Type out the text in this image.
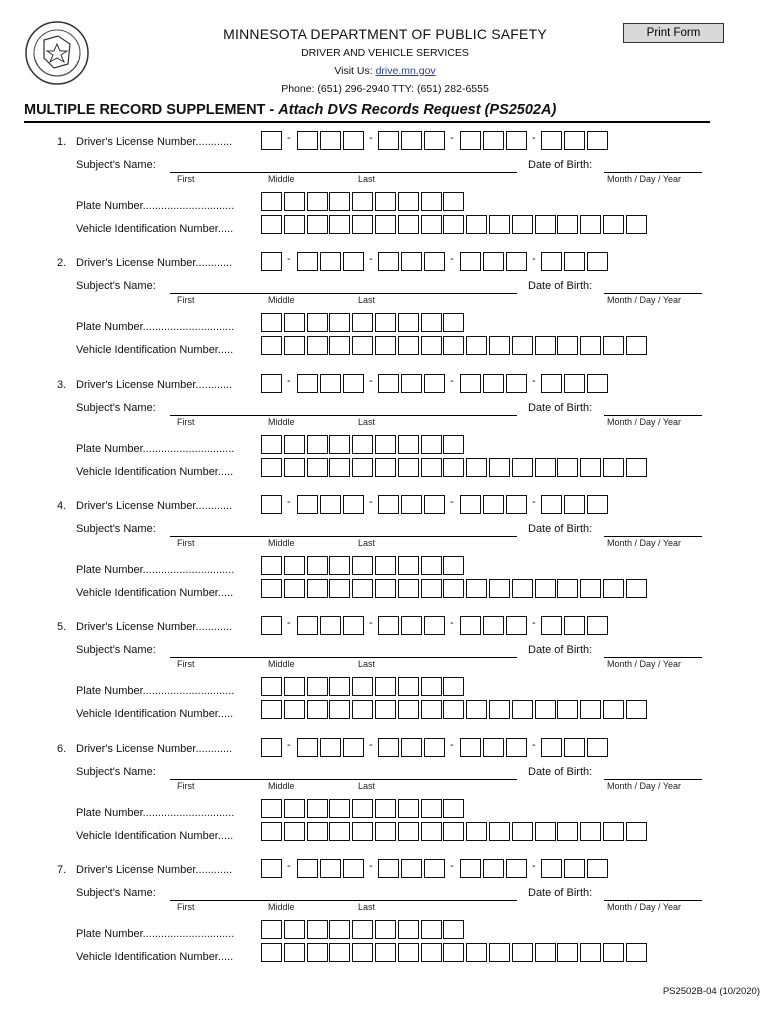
MINNESOTA DEPARTMENT OF PUBLIC SAFETY
DRIVER AND VEHICLE SERVICES
Visit Us: drive.mn.gov
Phone: (651) 296-2940 TTY: (651) 282-6555
Print Form
MULTIPLE RECORD SUPPLEMENT - Attach DVS Records Request (PS2502A)
1. Driver's License Number............	-	-	-	-
Subject's Name:
First	Middle	Last
Date of Birth:
Month / Day / Year
Plate Number..............................
Vehicle Identification Number.....
2. Driver's License Number............	-	-	-	-
Subject's Name:
First	Middle	Last
Date of Birth:
Month / Day / Year
Plate Number..............................
Vehicle Identification Number.....
3. Driver's License Number............	-	-	-	-
Subject's Name:
First	Middle	Last
Date of Birth:
Month / Day / Year
Plate Number..............................
Vehicle Identification Number.....
4. Driver's License Number............	-	-	-	-
Subject's Name:
First	Middle	Last
Date of Birth:
Month / Day / Year
Plate Number..............................
Vehicle Identification Number.....
5. Driver's License Number............	-	-	-	-
Subject's Name:
First	Middle	Last
Date of Birth:
Month / Day / Year
Plate Number..............................
Vehicle Identification Number.....
6. Driver's License Number............	-	-	-	-
Subject's Name:
First	Middle	Last
Date of Birth:
Month / Day / Year
Plate Number..............................
Vehicle Identification Number.....
7. Driver's License Number............	-	-	-	-
Subject's Name:
First	Middle	Last
Date of Birth:
Month / Day / Year
Plate Number..............................
Vehicle Identification Number.....
PS2502B-04 (10/2020)
